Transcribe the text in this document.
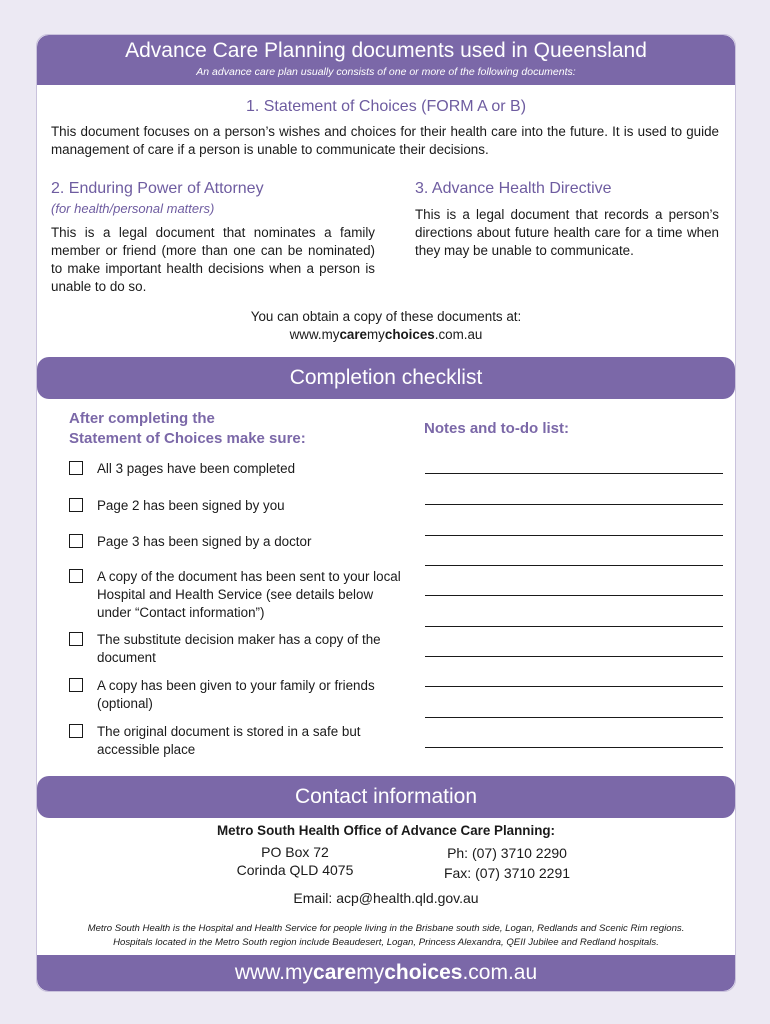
Advance Care Planning documents used in Queensland
An advance care plan usually consists of one or more of the following documents:
1. Statement of Choices (FORM A or B)
This document focuses on a person’s wishes and choices for their health care into the future. It is used to guide management of care if a person is unable to communicate their decisions.
2. Enduring Power of Attorney
(for health/personal matters)
This is a legal document that nominates a family member or friend (more than one can be nominated) to make important health decisions when a person is unable to do so.
3. Advance Health Directive
This is a legal document that records a person’s directions about future health care for a time when they may be unable to communicate.
You can obtain a copy of these documents at:
www.mycaremychoices.com.au
Completion checklist
After completing the
Statement of Choices make sure:
Notes and to-do list:
All 3 pages have been completed
Page 2 has been signed by you
Page 3 has been signed by a doctor
A copy of the document has been sent to your local Hospital and Health Service (see details below under “Contact information”)
The substitute decision maker has a copy of the document
A copy has been given to your family or friends (optional)
The original document is stored in a safe but accessible place
Contact information
Metro South Health Office of Advance Care Planning:
PO Box 72
Corinda QLD 4075
Ph: (07) 3710 2290
Fax: (07) 3710 2291
Email: acp@health.qld.gov.au
Metro South Health is the Hospital and Health Service for people living in the Brisbane south side, Logan, Redlands and Scenic Rim regions.
Hospitals located in the Metro South region include Beaudesert, Logan, Princess Alexandra, QEII Jubilee and Redland hospitals.
www.mycaremychoices.com.au
